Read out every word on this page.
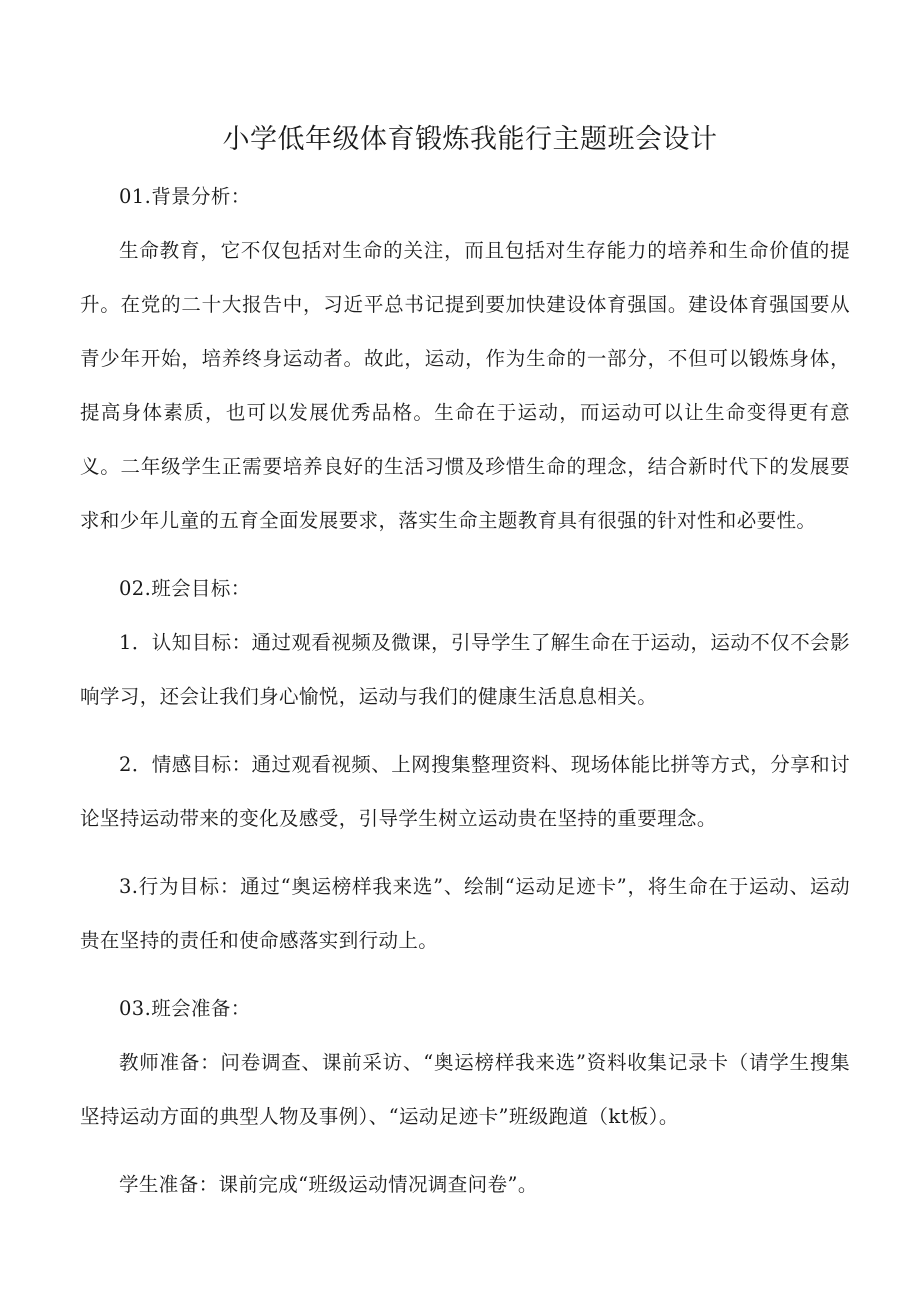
小学低年级体育锻炼我能行主题班会设计

01.背景分析：

生命教育，它不仅包括对生命的关注，而且包括对生存能力的培养和生命价值的提升。在党的二十大报告中，习近平总书记提到要加快建设体育强国。建设体育强国要从青少年开始，培养终身运动者。故此，运动，作为生命的一部分，不但可以锻炼身体，提高身体素质，也可以发展优秀品格。生命在于运动，而运动可以让生命变得更有意义。二年级学生正需要培养良好的生活习惯及珍惜生命的理念，结合新时代下的发展要求和少年儿童的五育全面发展要求，落实生命主题教育具有很强的针对性和必要性。

02.班会目标：

1．认知目标：通过观看视频及微课，引导学生了解生命在于运动，运动不仅不会影响学习，还会让我们身心愉悦，运动与我们的健康生活息息相关。

2．情感目标：通过观看视频、上网搜集整理资料、现场体能比拼等方式，分享和讨论坚持运动带来的变化及感受，引导学生树立运动贵在坚持的重要理念。

3.行为目标：通过“奥运榜样我来选”、绘制“运动足迹卡”，将生命在于运动、运动贵在坚持的责任和使命感落实到行动上。

03.班会准备：

教师准备：问卷调查、课前采访、“奥运榜样我来选”资料收集记录卡（请学生搜集坚持运动方面的典型人物及事例）、“运动足迹卡”班级跑道（kt板）。

学生准备：课前完成“班级运动情况调查问卷”。
